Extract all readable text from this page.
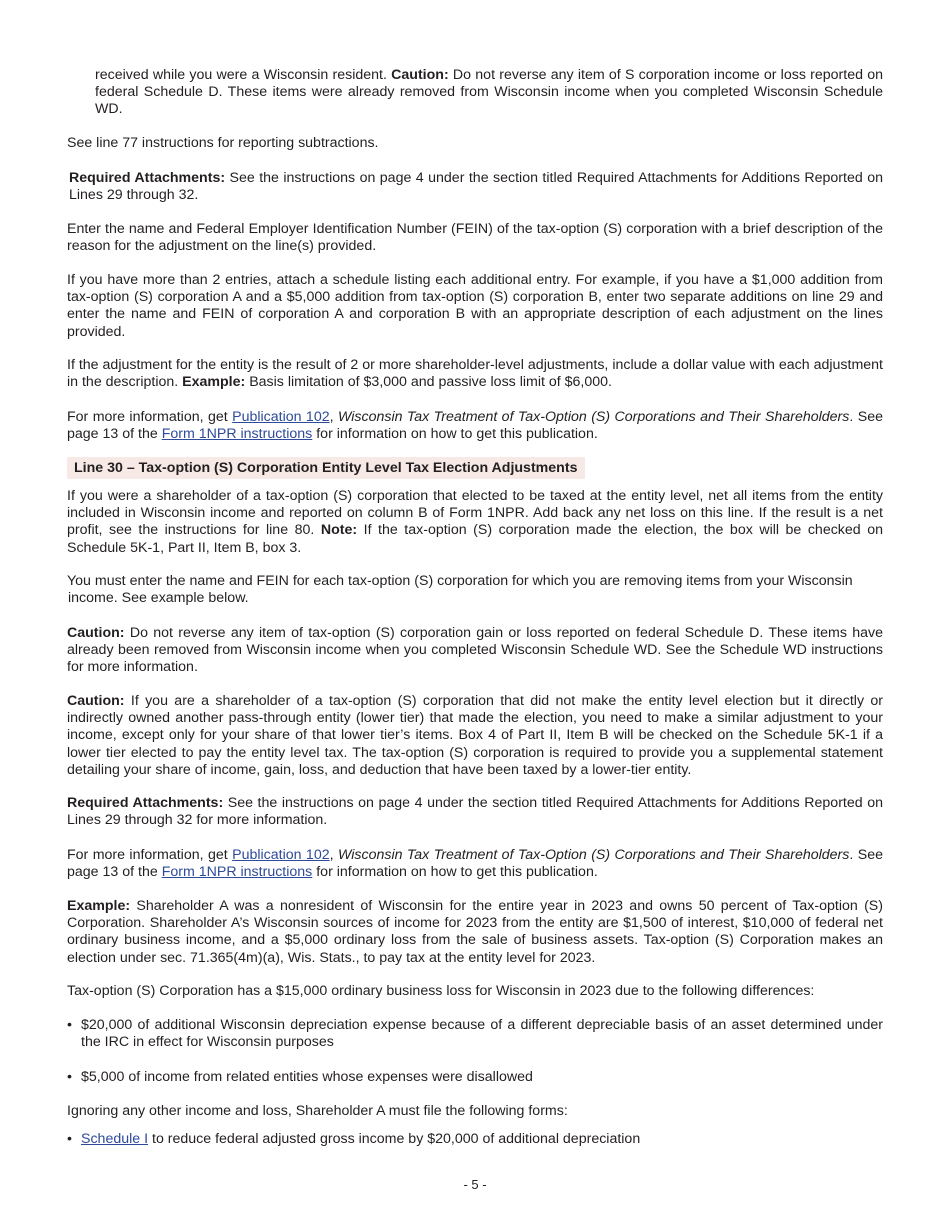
received while you were a Wisconsin resident. Caution: Do not reverse any item of S corporation income or loss reported on federal Schedule D. These items were already removed from Wisconsin income when you completed Wisconsin Schedule WD.

See line 77 instructions for reporting subtractions.

Required Attachments: See the instructions on page 4 under the section titled Required Attachments for Additions Reported on Lines 29 through 32.

Enter the name and Federal Employer Identification Number (FEIN) of the tax-option (S) corporation with a brief description of the reason for the adjustment on the line(s) provided.

If you have more than 2 entries, attach a schedule listing each additional entry. For example, if you have a $1,000 addition from tax-option (S) corporation A and a $5,000 addition from tax-option (S) corporation B, enter two separate additions on line 29 and enter the name and FEIN of corporation A and corporation B with an appropriate description of each adjustment on the lines provided.

If the adjustment for the entity is the result of 2 or more shareholder-level adjustments, include a dollar value with each adjustment in the description. Example: Basis limitation of $3,000 and passive loss limit of $6,000.

For more information, get Publication 102, Wisconsin Tax Treatment of Tax-Option (S) Corporations and Their Shareholders. See page 13 of the Form 1NPR instructions for information on how to get this publication.

Line 30 – Tax-option (S) Corporation Entity Level Tax Election Adjustments

If you were a shareholder of a tax-option (S) corporation that elected to be taxed at the entity level, net all items from the entity included in Wisconsin income and reported on column B of Form 1NPR. Add back any net loss on this line. If the result is a net profit, see the instructions for line 80. Note: If the tax-option (S) corporation made the election, the box will be checked on Schedule 5K-1, Part II, Item B, box 3.

You must enter the name and FEIN for each tax-option (S) corporation for which you are removing items from your Wisconsin
income. See example below.

Caution: Do not reverse any item of tax-option (S) corporation gain or loss reported on federal Schedule D. These items have already been removed from Wisconsin income when you completed Wisconsin Schedule WD. See the Schedule WD instructions for more information.

Caution: If you are a shareholder of a tax-option (S) corporation that did not make the entity level election but it directly or indirectly owned another pass-through entity (lower tier) that made the election, you need to make a similar adjustment to your income, except only for your share of that lower tier’s items. Box 4 of Part II, Item B will be checked on the Schedule 5K-1 if a lower tier elected to pay the entity level tax. The tax-option (S) corporation is required to provide you a supplemental statement detailing your share of income, gain, loss, and deduction that have been taxed by a lower-tier entity.

Required Attachments: See the instructions on page 4 under the section titled Required Attachments for Additions Reported on Lines 29 through 32 for more information.

For more information, get Publication 102, Wisconsin Tax Treatment of Tax-Option (S) Corporations and Their Shareholders. See page 13 of the Form 1NPR instructions for information on how to get this publication.

Example: Shareholder A was a nonresident of Wisconsin for the entire year in 2023 and owns 50 percent of Tax-option (S) Corporation. Shareholder A’s Wisconsin sources of income for 2023 from the entity are $1,500 of interest, $10,000 of federal net ordinary business income, and a $5,000 ordinary loss from the sale of business assets. Tax-option (S) Corporation makes an election under sec. 71.365(4m)(a), Wis. Stats., to pay tax at the entity level for 2023.

Tax-option (S) Corporation has a $15,000 ordinary business loss for Wisconsin in 2023 due to the following differences:

• $20,000 of additional Wisconsin depreciation expense because of a different depreciable basis of an asset determined under the IRC in effect for Wisconsin purposes
• $5,000 of income from related entities whose expenses were disallowed

Ignoring any other income and loss, Shareholder A must file the following forms:

• Schedule I to reduce federal adjusted gross income by $20,000 of additional depreciation
- 5 -
